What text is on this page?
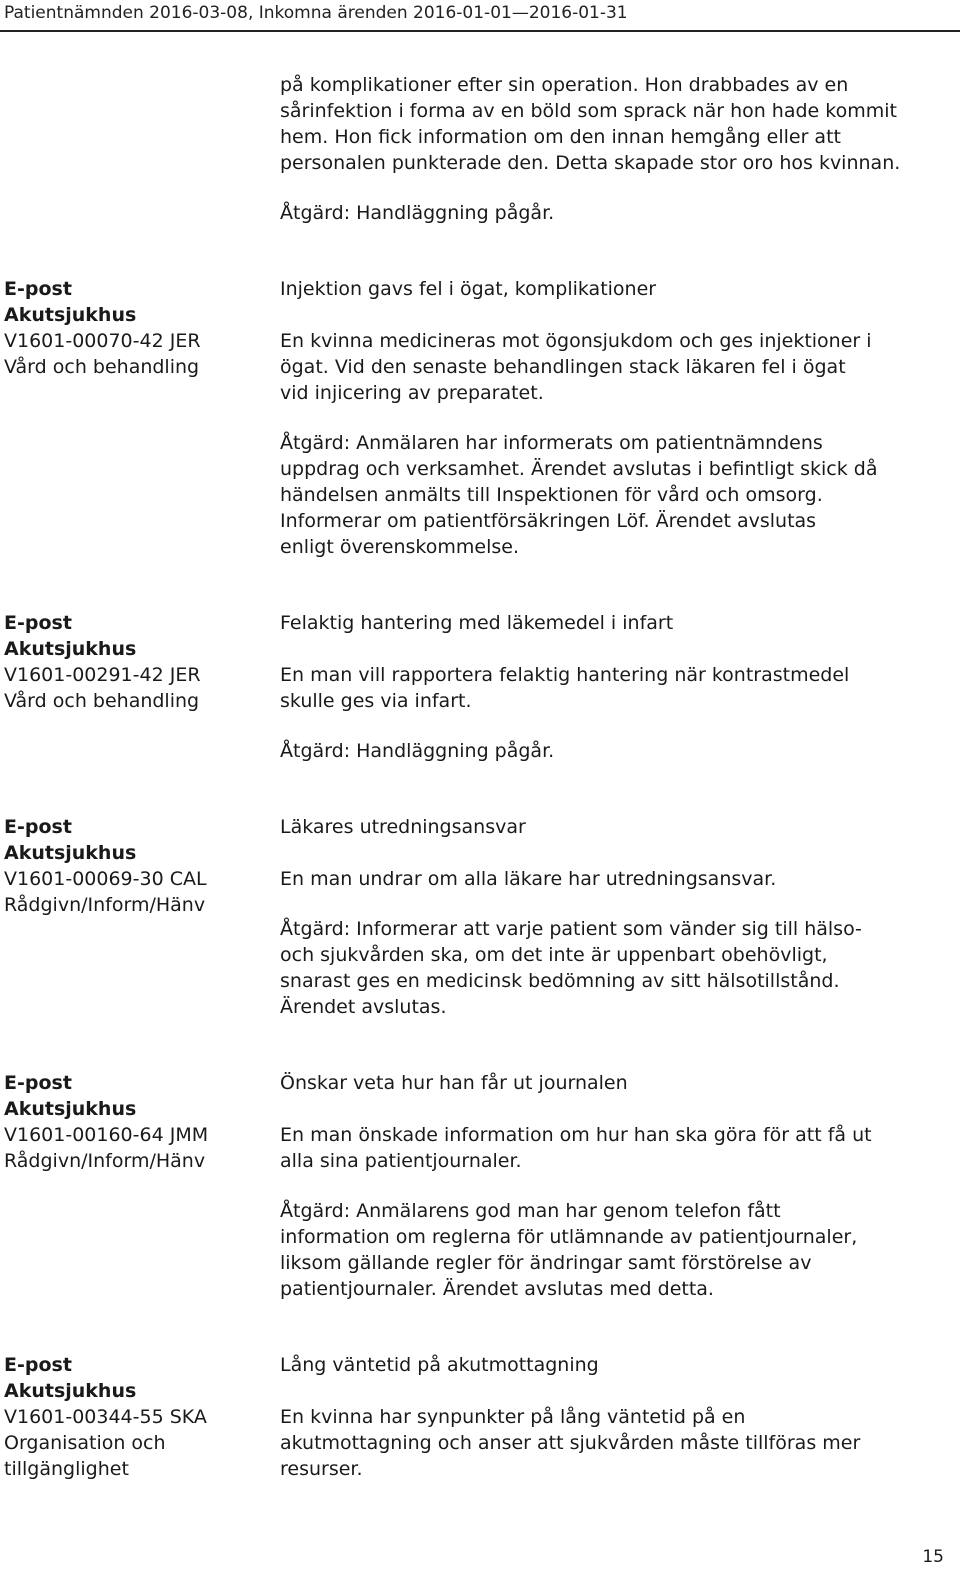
Patientnämnden 2016-03-08, Inkomna ärenden 2016-01-01—2016-01-31

på komplikationer efter sin operation. Hon drabbades av en sårinfektion i forma av en böld som sprack när hon hade kommit hem. Hon fick information om den innan hemgång eller att personalen punkterade den. Detta skapade stor oro hos kvinnan.

Åtgärd: Handläggning pågår.

E-post
Akutsjukhus
V1601-00070-42 JER
Vård och behandling

Injektion gavs fel i ögat, komplikationer

En kvinna medicineras mot ögonsjukdom och ges injektioner i
ögat. Vid den senaste behandlingen stack läkaren fel i ögat
vid injicering av preparatet.

Åtgärd: Anmälaren har informerats om patientnämndens
uppdrag och verksamhet. Ärendet avslutas i befintligt skick då
händelsen anmälts till Inspektionen för vård och omsorg.
Informerar om patientförsäkringen Löf. Ärendet avslutas
enligt överenskommelse.

E-post
Akutsjukhus
V1601-00291-42 JER
Vård och behandling

Felaktig hantering med läkemedel i infart

En man vill rapportera felaktig hantering när kontrastmedel
skulle ges via infart.

Åtgärd: Handläggning pågår.

E-post
Akutsjukhus
V1601-00069-30 CAL
Rådgivn/Inform/Hänv

Läkares utredningsansvar

En man undrar om alla läkare har utredningsansvar.

Åtgärd: Informerar att varje patient som vänder sig till hälso-
och sjukvården ska, om det inte är uppenbart obehövligt,
snarast ges en medicinsk bedömning av sitt hälsotillstånd.
Ärendet avslutas.

E-post
Akutsjukhus
V1601-00160-64 JMM
Rådgivn/Inform/Hänv

Önskar veta hur han får ut journalen

En man önskade information om hur han ska göra för att få ut
alla sina patientjournaler.

Åtgärd: Anmälarens god man har genom telefon fått
information om reglerna för utlämnande av patientjournaler,
liksom gällande regler för ändringar samt förstörelse av
patientjournaler. Ärendet avslutas med detta.

E-post
Akutsjukhus
V1601-00344-55 SKA
Organisation och
tillgänglighet

Lång väntetid på akutmottagning

En kvinna har synpunkter på lång väntetid på en
akutmottagning och anser att sjukvården måste tillföras mer
resurser.

15
